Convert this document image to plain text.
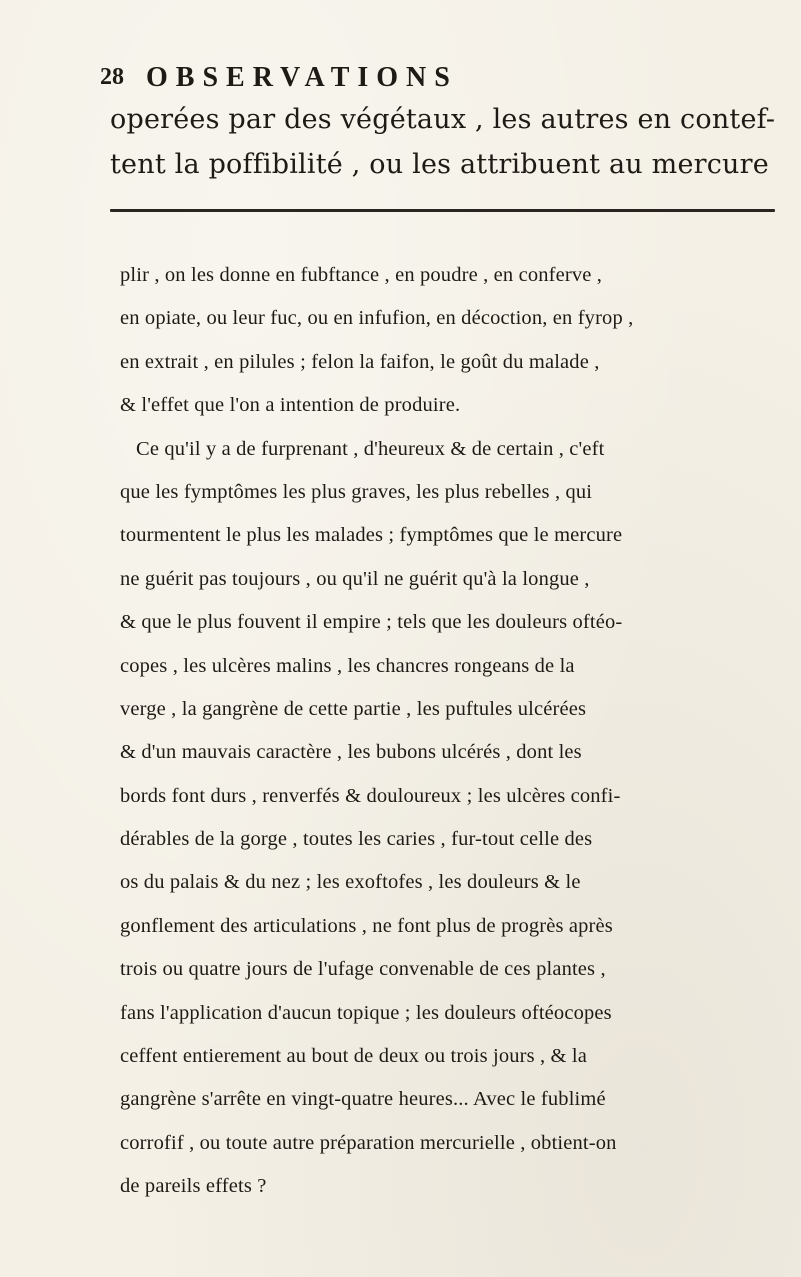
28 OBSERVATIONS
operées par des végétaux , les autres en contef-
tent la poffibilité , ou les attribuent au mercure
plir , on les donne en fubftance , en poudre , en conferve ,
en opiate, ou leur fuc, ou en infufion, en décoction, en fyrop ,
en extrait , en pilules ; felon la faifon, le goût du malade ,
& l'effet que l'on a intention de produire.
Ce qu'il y a de furprenant , d'heureux & de certain , c'eft
que les fymptômes les plus graves, les plus rebelles , qui
tourmentent le plus les malades ; fymptômes que le mercure
ne guérit pas toujours , ou qu'il ne guérit qu'à la longue ,
& que le plus fouvent il empire ; tels que les douleurs oftéo-
copes , les ulcères malins , les chancres rongeans de la
verge , la gangrène de cette partie , les puftules ulcérées
& d'un mauvais caractère , les bubons ulcérés , dont les
bords font durs , renverfés & douloureux ; les ulcères confi-
dérables de la gorge , toutes les caries , fur-tout celle des
os du palais & du nez ; les exoftofes , les douleurs & le
gonflement des articulations , ne font plus de progrès après
trois ou quatre jours de l'ufage convenable de ces plantes ,
fans l'application d'aucun topique ; les douleurs oftéocopes
ceffent entierement au bout de deux ou trois jours , & la
gangrène s'arrête en vingt-quatre heures... Avec le fublimé
corrofif , ou toute autre préparation mercurielle , obtient-on
de pareils effets ?
